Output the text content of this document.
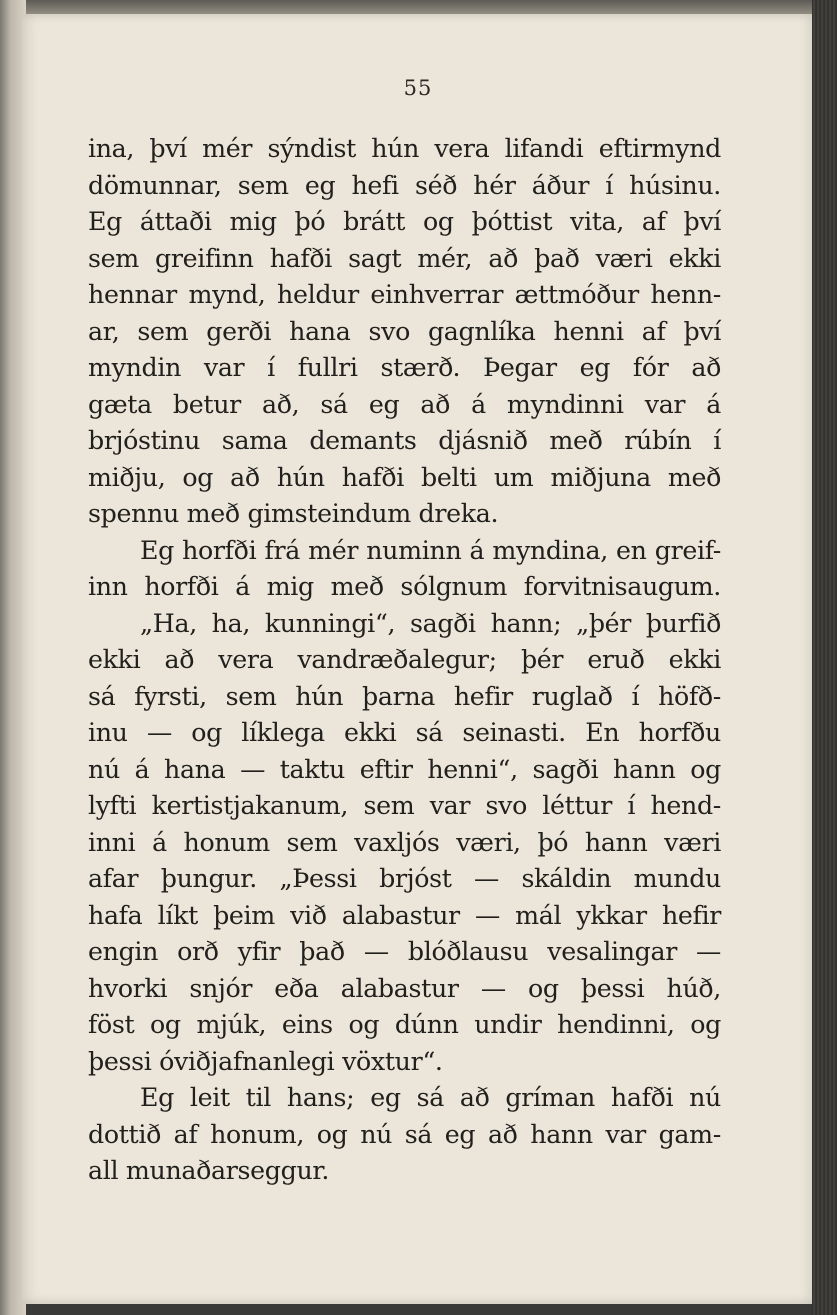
55
ina, því mér sýndist hún vera lifandi eftirmynd
dömunnar, sem eg hefi séð hér áður í húsinu.
Eg áttaði mig þó brátt og þóttist vita, af því
sem greifinn hafði sagt mér, að það væri ekki
hennar mynd, heldur einhverrar ættmóður henn-
ar, sem gerði hana svo gagnlíka henni af því
myndin var í fullri stærð. Þegar eg fór að
gæta betur að, sá eg að á myndinni var á
brjóstinu sama demants djásnið með rúbín í
miðju, og að hún hafði belti um miðjuna með
spennu með gimsteindum dreka.
Eg horfði frá mér numinn á myndina, en greif-
inn horfði á mig með sólgnum forvitnisaugum.
„Ha, ha, kunningi“, sagði hann; „þér þurfið
ekki að vera vandræðalegur; þér eruð ekki
sá fyrsti, sem hún þarna hefir ruglað í höfð-
inu — og líklega ekki sá seinasti. En horfðu
nú á hana — taktu eftir henni“, sagði hann og
lyfti kertistjakanum, sem var svo léttur í hend-
inni á honum sem vaxljós væri, þó hann væri
afar þungur. „Þessi brjóst — skáldin mundu
hafa líkt þeim við alabastur — mál ykkar hefir
engin orð yfir það — blóðlausu vesalingar —
hvorki snjór eða alabastur — og þessi húð,
föst og mjúk, eins og dúnn undir hendinni, og
þessi óviðjafnanlegi vöxtur“.
Eg leit til hans; eg sá að gríman hafði nú
dottið af honum, og nú sá eg að hann var gam-
all munaðarseggur.
